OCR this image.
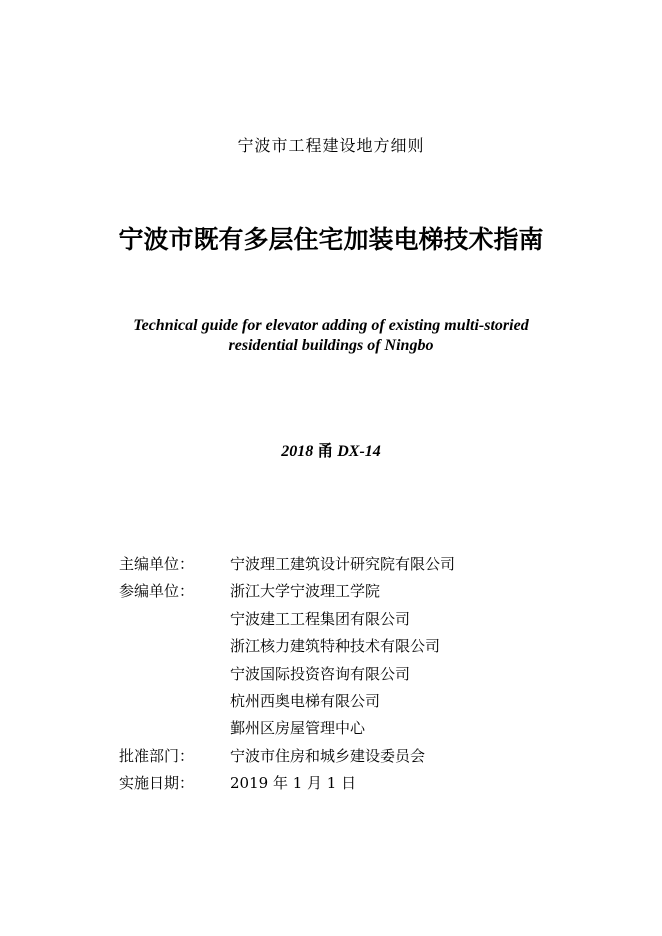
宁波市工程建设地方细则
宁波市既有多层住宅加装电梯技术指南
Technical guide for elevator adding of existing multi-storied
residential buildings of Ningbo
2018 甬 DX-14
主编单位：	宁波理工建筑设计研究院有限公司
参编单位：	浙江大学宁波理工学院
宁波建工工程集团有限公司
浙江核力建筑特种技术有限公司
宁波国际投资咨询有限公司
杭州西奥电梯有限公司
鄞州区房屋管理中心
批准部门：	宁波市住房和城乡建设委员会
实施日期：	2019 年 1 月 1 日
